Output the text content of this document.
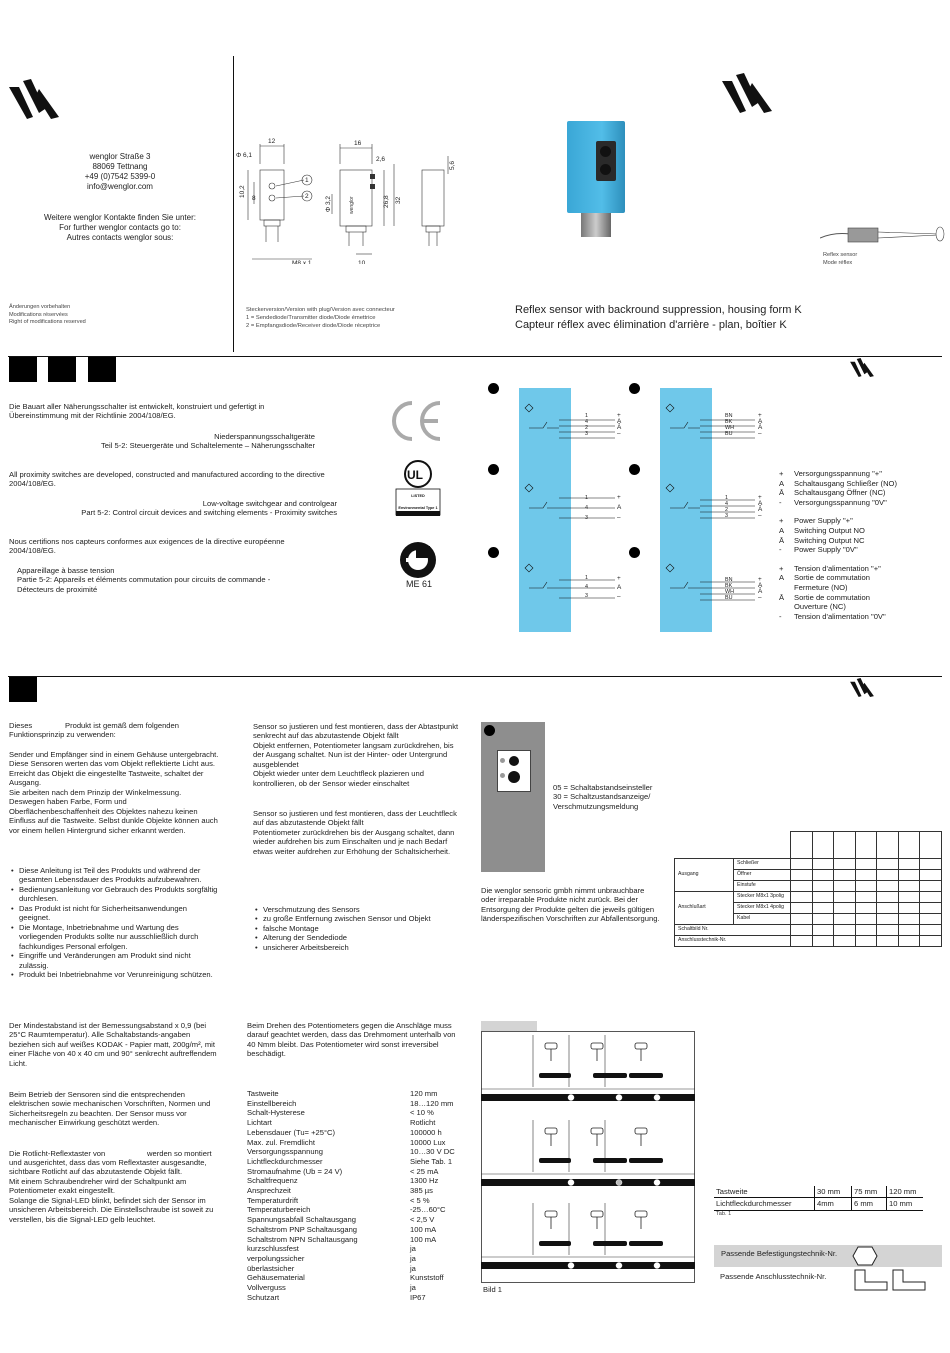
wenglor Straße 3
88069 Tettnang
+49 (0)7542 5399-0
info@wenglor.com
Weitere wenglor Kontakte finden Sie unter:
For further wenglor contacts go to:
Autres contacts wenglor sous:
Änderungen vorbehalten
Modifications réservées
Right of modifications reserved
wenglor
12
Φ 6,1
16
2,6
10,2
8
1
2	Φ 3,2	26,8 32
5,6
M8 x 1	10
Steckerversion/Version with plug/Version avec connecteur
1 = Sendediode/Transmitter diode/Diode émettrice
2 = Empfangsdiode/Receiver diode/Diode réceptrice
Reflex sensor
Mode réflex
Reflex sensor with backround suppression, housing form K
Capteur réflex avec élimination d'arrière - plan, boîtier K
Die Bauart aller Näherungsschalter ist entwickelt, konstruiert und gefertigt in Übereinstimmung mit der Richtlinie 2004/108/EG.
Niederspannungsschaltgeräte
Teil 5-2: Steuergeräte und Schaltelemente – Näherungsschalter
All proximity switches are developed, constructed and manufactured according to the directive 2004/108/EG.
Low-voltage switchgear and controlgear
Part 5-2: Control circuit devices and switching elements - Proximity switches
Nous certifions nos capteurs conformes aux exigences de la directive européenne 2004/108/EG.
Appareillage à basse tension
Partie 5-2: Appareils et éléments commutation pour circuits de commande - Détecteurs de proximité
UL
LISTED
Environmental Type 1
ME 61
1
4
2
3
+
A
Ā
–
BN
BK
WH
BU
+
A
Ā
–
1
4
3
+
A
–
1
4
2
3
+
A
Ā
–
1
4
3
+
A
–
BN
BK
WH
BU
+
A
Ā
–
+	Versorgungsspannung "+"
A	Schaltausgang Schließer (NO)
Ā	Schaltausgang Öffner (NC)
-	Versorgungsspannung "0V"
+	Power Supply "+"
A	Switching Output NO
Ā	Switching Output NC
-	Power Supply "0V"
+	Tension d'alimentation "+"
A	Sortie de commutation
Fermeture (NO)
Ā	Sortie de commutation
Ouverture (NC)
-	Tension d'alimentation "0V"
Dieses	Produkt ist gemäß dem folgenden
Funktionsprinzip zu verwenden:
Sender und Empfänger sind in einem Gehäuse untergebracht.
Diese Sensoren werten das vom Objekt reflektierte Licht aus. Erreicht das Objekt die eingestellte Tastweite, schaltet der Ausgang.
Sie arbeiten nach dem Prinzip der Winkelmessung. Deswegen haben Farbe, Form und Oberflächenbeschaffenheit des Objektes nahezu keinen Einfluss auf die Tastweite. Selbst dunkle Objekte können auch vor einem hellen Hintergrund sicher erkannt werden.
• Diese Anleitung ist Teil des Produkts und während der gesamten Lebensdauer des Produkts aufzubewahren.
• Bedienungsanleitung vor Gebrauch des Produkts sorgfältig durchlesen.
• Das Produkt ist nicht für Sicherheitsanwendungen geeignet.
• Die Montage, Inbetriebnahme und Wartung des vorliegenden Produkts sollte nur ausschließlich durch fachkundiges Personal erfolgen.
• Eingriffe und Veränderungen am Produkt sind nicht zulässig.
• Produkt bei Inbetriebnahme vor Verunreinigung schützen.
Sensor so justieren und fest montieren, dass der Abtastpunkt senkrecht auf das abzutastende Objekt fällt
Objekt entfernen, Potentiometer langsam zurückdrehen, bis der Ausgang schaltet. Nun ist der Hinter- oder Untergrund ausgeblendet
Objekt wieder unter dem Leuchtfleck plazieren und kontrollieren, ob der Sensor wieder einschaltet
Sensor so justieren und fest montieren, dass der Leuchtfleck auf das abzutastende Objekt fällt
Potentiometer zurückdrehen bis der Ausgang schaltet, dann wieder aufdrehen bis zum Einschalten und je nach Bedarf etwas weiter aufdrehen zur Erhöhung der Schaltsicherheit.
• Verschmutzung des Sensors
• zu große Entfernung zwischen Sensor und Objekt
• falsche Montage
• Alterung der Sendediode
• unsicherer Arbeitsbereich
05 = Schaltabstandseinsteller
30 = Schaltzustandsanzeige/
Verschmutzungsmeldung
Die wenglor sensoric gmbh nimmt unbrauchbare oder irreparable Produkte nicht zurück. Bei der Entsorgung der Produkte gelten die jeweils gültigen länderspezifischen Vorschriften zur Abfallentsorgung.

Ausgang	Schließer							
	Öffner							
	Einstufe							
Anschlußart	Stecker M8x1 3polig							
	Stecker M8x1 4polig							
	Kabel							
Schaltbild Nr.								
Anschlusstechnik-Nr.								
Der Mindestabstand ist der Bemessungsabstand x 0,9 (bei 25°C Raumtemperatur). Alle Schaltabstands-angaben beziehen sich auf weißes KODAK - Papier matt, 200g/m², mit einer Fläche von 40 x 40 cm und 90° senkrecht auftreffendem Licht.
Beim Betrieb der Sensoren sind die entsprechenden elektrischen sowie mechanischen Vorschriften, Normen und Sicherheitsregeln zu beachten. Der Sensor muss vor mechanischer Einwirkung geschützt werden.
Die Rotlicht-Reflextaster von	werden so montiert
und ausgerichtet, dass das vom Reflextaster ausgesandte, sichtbare Rotlicht auf das abzutastende Objekt fällt.
Mit einem Schraubendreher wird der Schaltpunkt am Potentiometer exakt eingestellt.
Solange die Signal-LED blinkt, befindet sich der Sensor im unsicheren Arbeitsbereich. Die Einstellschraube ist soweit zu verstellen, bis die Signal-LED gelb leuchtet.
Beim Drehen des Potentiometers gegen die Anschläge muss darauf geachtet werden, dass das Drehmoment unterhalb von 40 Nmm bleibt. Das Potentiometer wird sonst irreversibel beschädigt.
Tastweite	120 mm
Einstellbereich	18…120 mm
Schalt-Hysterese	< 10 %
Lichtart	Rotlicht
Lebensdauer (Tu= +25°C)	100000 h
Max. zul. Fremdlicht	10000 Lux
Versorgungsspannung	10…30 V DC
Lichtfleckdurchmesser	Siehe Tab. 1
Stromaufnahme (Ub = 24 V)	< 25 mA
Schaltfrequenz	1300 Hz
Ansprechzeit	385 µs
Temperaturdrift	< 5 %
Temperaturbereich	-25…60°C
Spannungsabfall Schaltausgang	< 2,5 V
Schaltstrom PNP Schaltausgang	100 mA
Schaltstrom NPN Schaltausgang	100 mA
kurzschlussfest	ja
verpolungssicher	ja
überlastsicher	ja
Gehäusematerial	Kunststoff
Vollverguss	ja
Schutzart	IP67
Bild 1
Tastweite	30 mm	75 mm	120 mm
Lichtfleckdurchmesser	4mm	6 mm	10 mm
Tab. 1
Passende Befestigungstechnik-Nr.
Passende Anschlusstechnik-Nr.
